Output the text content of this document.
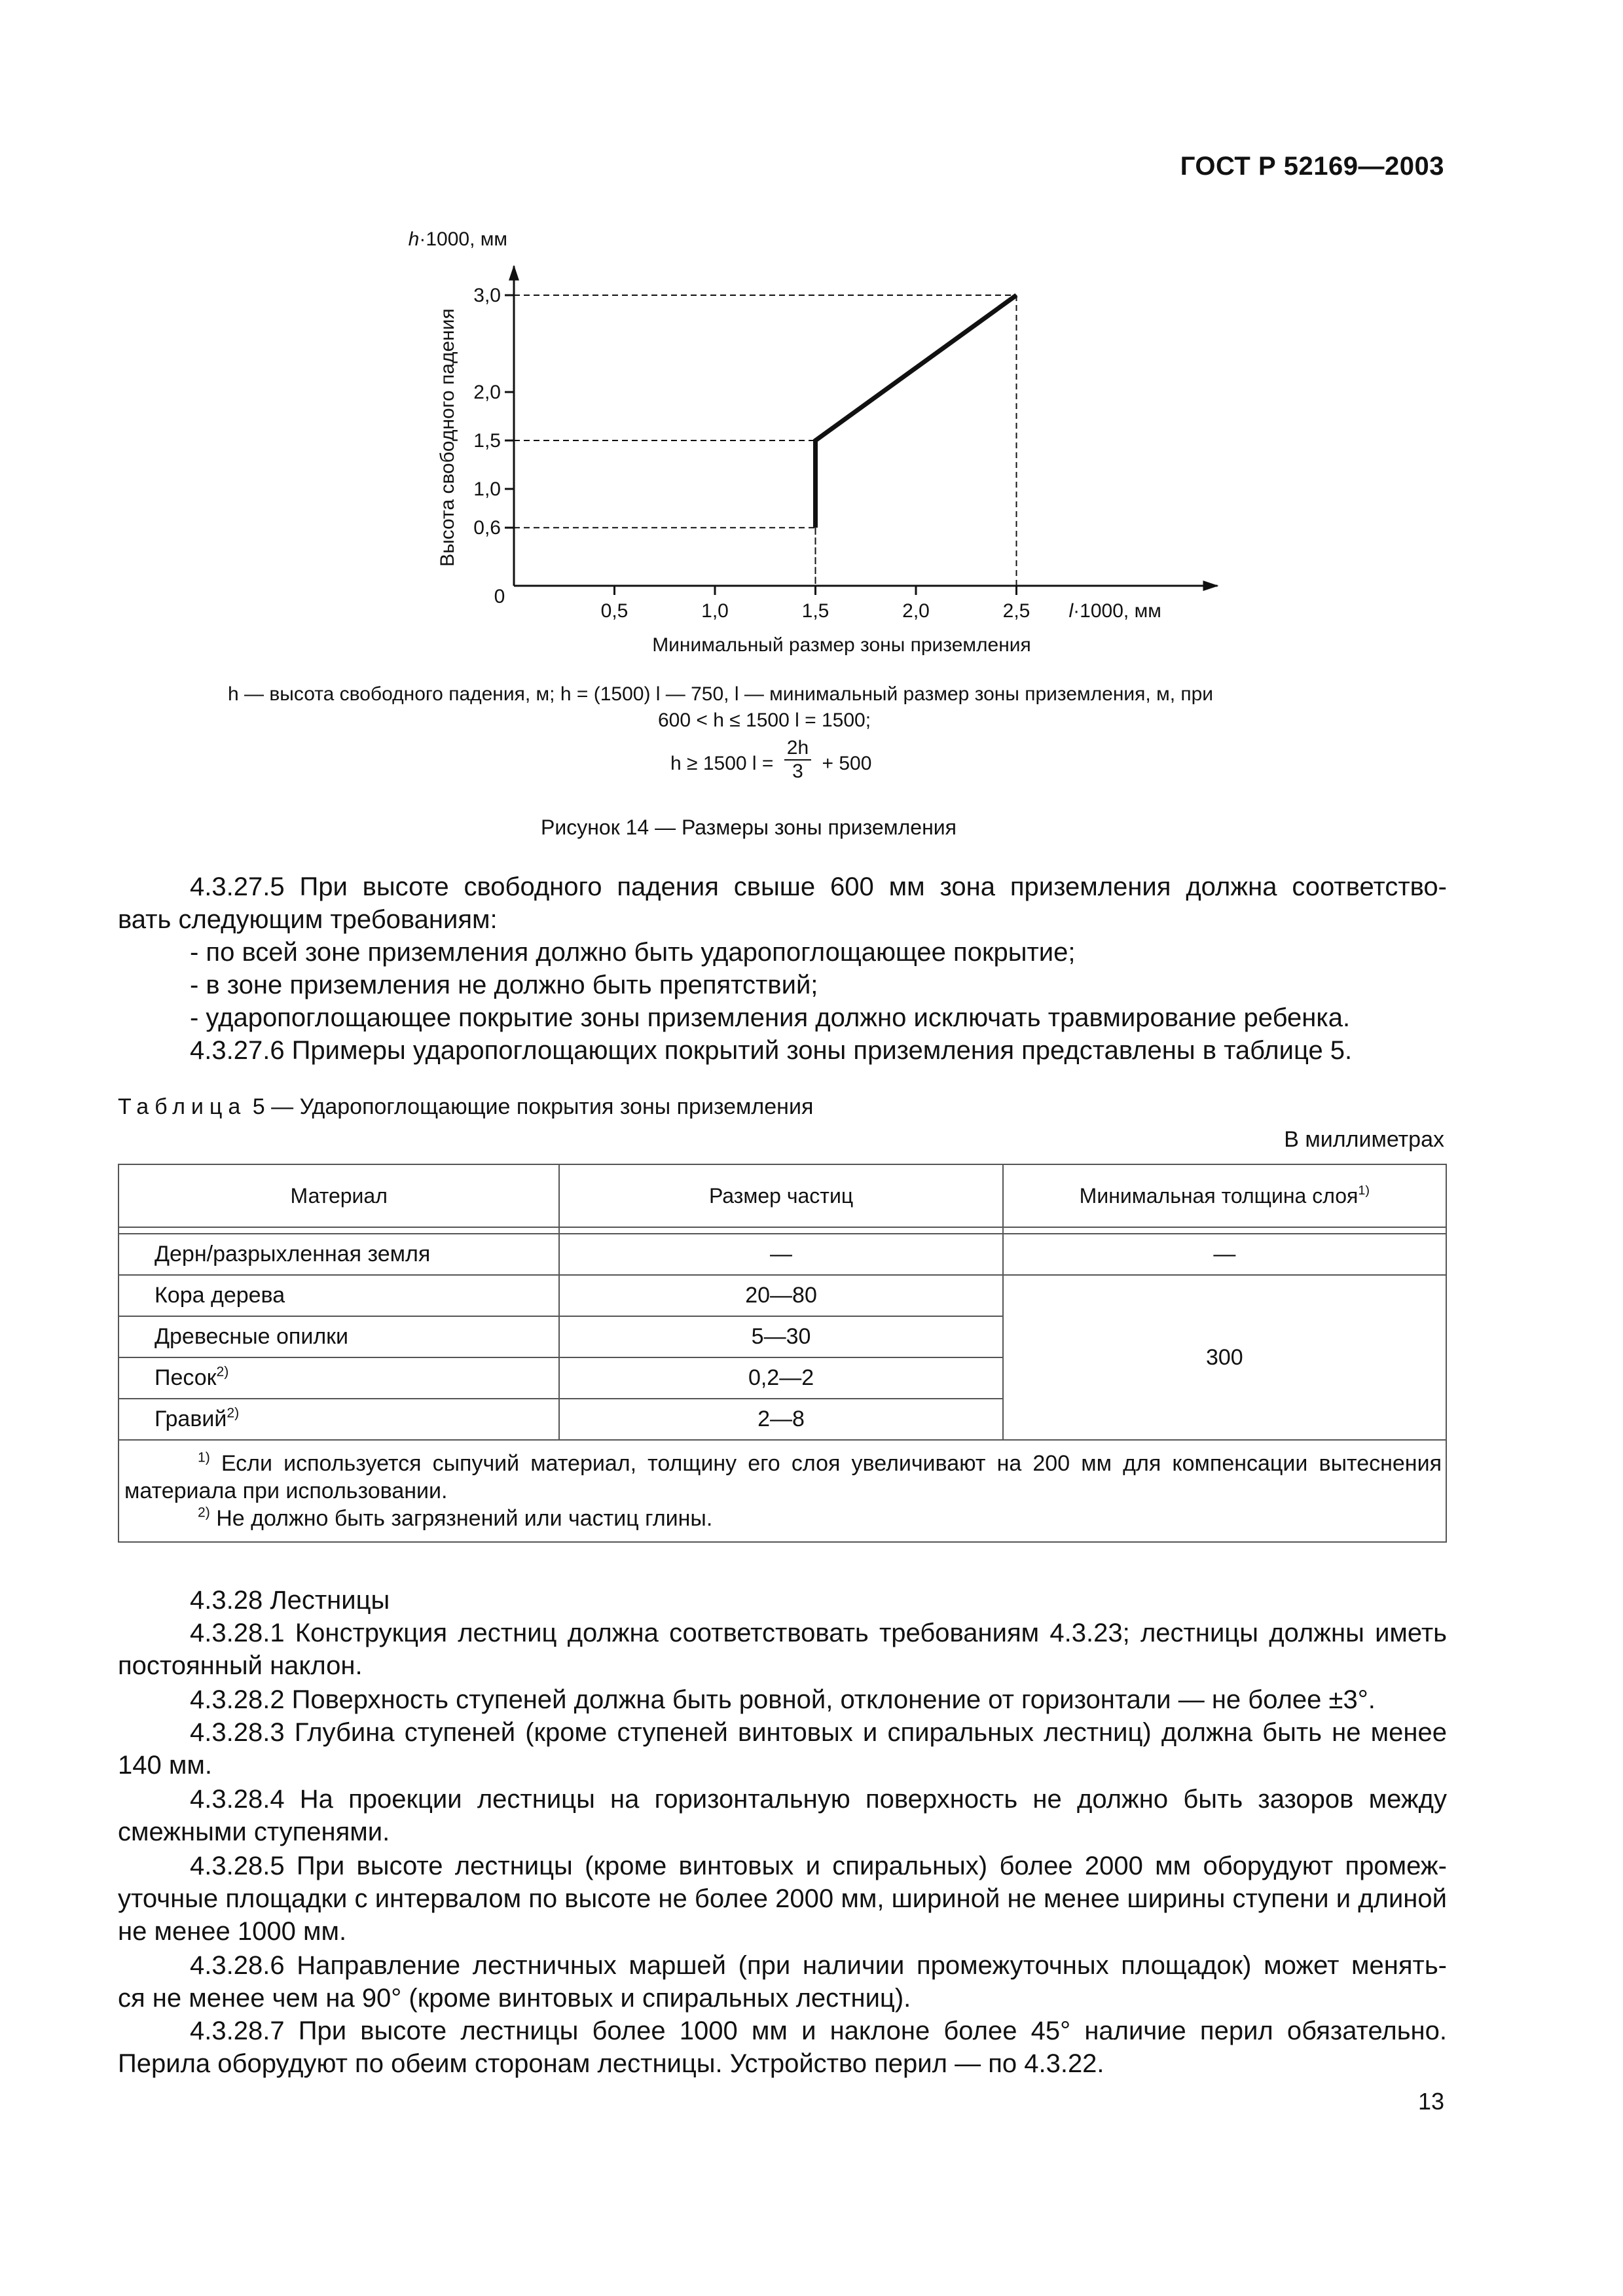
ГОСТ Р 52169—2003
0,6
1,0
1,5
2,0
3,0
0,5	1,0	1,5	2,0	2,5
0
h·1000, мм
Высота свободного падения
l·1000, мм
Минимальный размер зоны приземления
h — высота свободного падения, м; h = (1500) l — 750, l — минимальный размер зоны приземления, м, при
600 < h ≤ 1500 l = 1500;
h ≥ 1500 $l = \frac{2h}{3} + 500$
Рисунок 14 — Размеры зоны приземления
4.3.27.5 При высоте свободного падения свыше 600 мм зона приземления должна соответство-
вать следующим требованиям:
- по всей зоне приземления должно быть ударопоглощающее покрытие;
- в зоне приземления не должно быть препятствий;
- ударопоглощающее покрытие зоны приземления должно исключать травмирование ребенка.
4.3.27.6 Примеры ударопоглощающих покрытий зоны приземления представлены в таблице 5.
Таблица 5 — Ударопоглощающие покрытия зоны приземления
В миллиметрах
Материал	Размер частиц	Минимальная толщина слоя$^{1)}$

Дерн/разрыхленная земля	—	—
Кора дерева	20—80	300
Древесные опилки	5—30	
Песок$^{2)}$	0,2—2	
Гравий$^{2)}$	2—8	

$^{1)}$ Если используется сыпучий материал, толщину его слоя увеличивают на 200 мм для компенсации вытеснения материала при использовании.
$^{2)}$ Не должно быть загрязнений или частиц глины.		
4.3.28 Лестницы
4.3.28.1 Конструкция лестниц должна соответствовать требованиям 4.3.23; лестницы должны иметь постоянный наклон.
4.3.28.2 Поверхность ступеней должна быть ровной, отклонение от горизонтали — не более ±3°.
4.3.28.3 Глубина ступеней (кроме ступеней винтовых и спиральных лестниц) должна быть не менее 140 мм.
4.3.28.4 На проекции лестницы на горизонтальную поверхность не должно быть зазоров между смежными ступенями.
4.3.28.5 При высоте лестницы (кроме винтовых и спиральных) более 2000 мм оборудуют промеж-
уточные площадки с интервалом по высоте не более 2000 мм, шириной не менее ширины ступени и длиной не менее 1000 мм.
4.3.28.6 Направление лестничных маршей (при наличии промежуточных площадок) может менять-
ся не менее чем на 90° (кроме винтовых и спиральных лестниц).
4.3.28.7 При высоте лестницы более 1000 мм и наклоне более 45° наличие перил обязательно. Перила оборудуют по обеим сторонам лестницы. Устройство перил — по 4.3.22.
13
